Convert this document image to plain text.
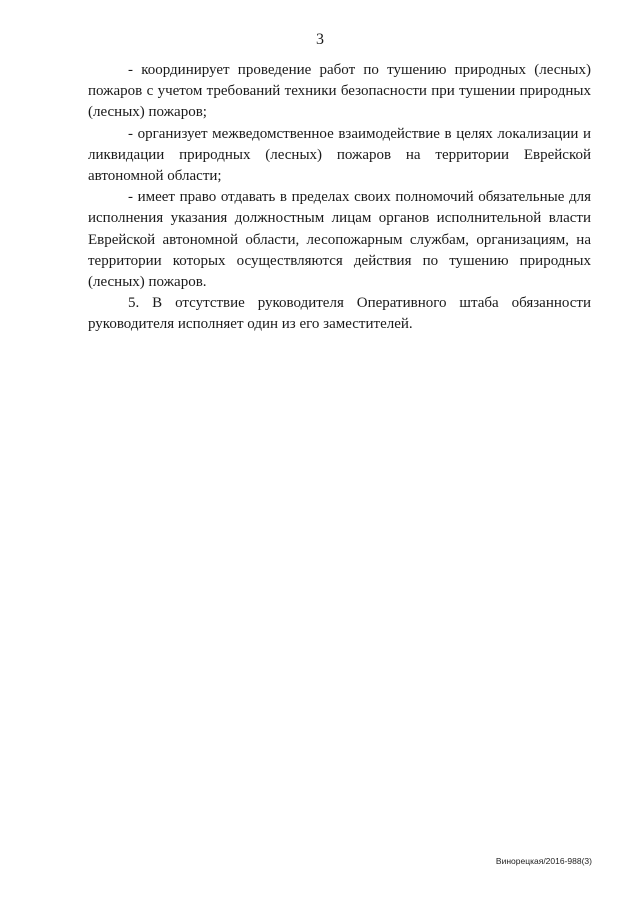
3

- координирует проведение работ по тушению природных (лесных) пожаров с учетом требований техники безопасности при тушении природных (лесных) пожаров;

- организует межведомственное взаимодействие в целях локализации и ликвидации природных (лесных) пожаров на территории Еврейской автономной области;

- имеет право отдавать в пределах своих полномочий обязательные для исполнения указания должностным лицам органов исполнительной власти Еврейской автономной области, лесопожарным службам, организациям, на территории которых осуществляются действия по тушению природных (лесных) пожаров.

5. В отсутствие руководителя Оперативного штаба обязанности руководителя исполняет один из его заместителей.

Винорецкая/2016-988(3)
